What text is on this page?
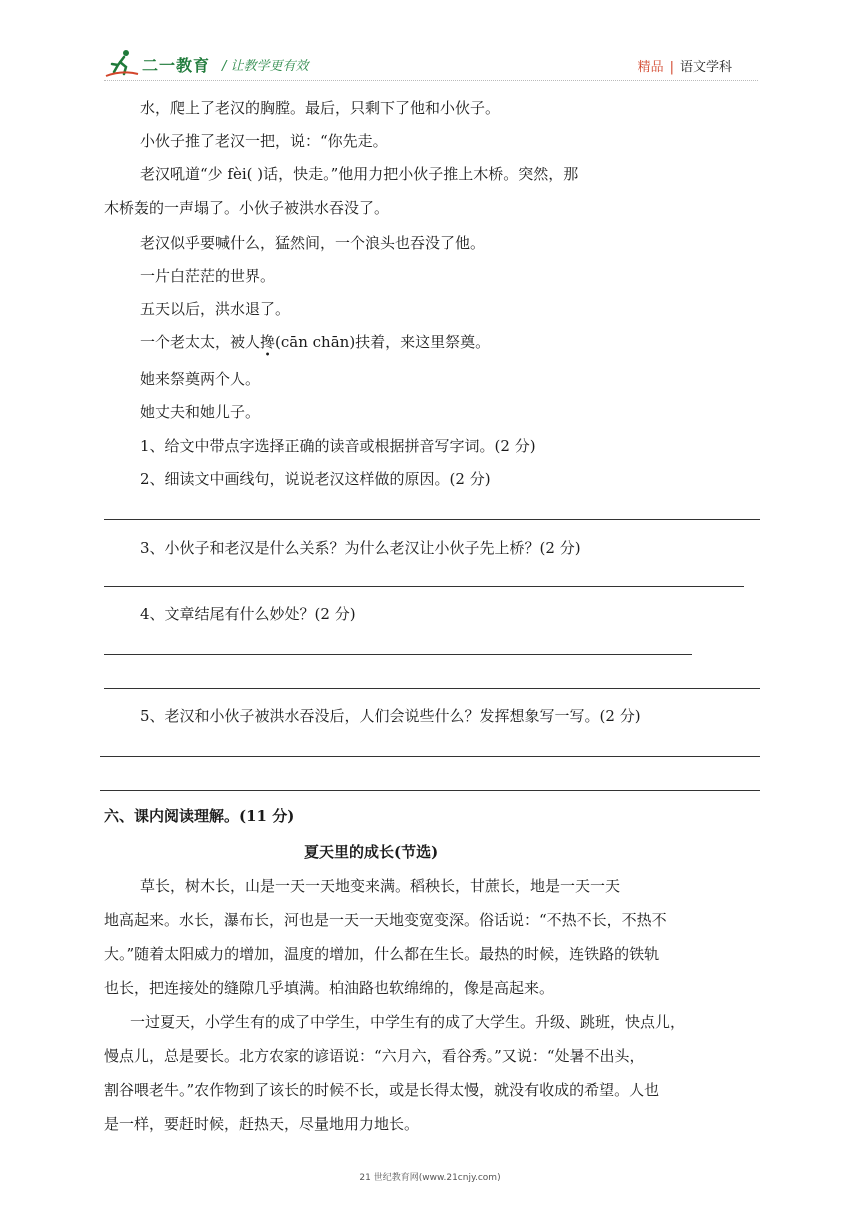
二一教育 / 让教学更有效	精品 | 语文学科
水，爬上了老汉的胸膛。最后，只剩下了他和小伙子。
小伙子推了老汉一把，说：“你先走。
老汉吼道“少 fèi( )话，快走。”他用力把小伙子推上木桥。突然，那
木桥轰的一声塌了。小伙子被洪水吞没了。
老汉似乎要喊什么，猛然间，一个浪头也吞没了他。
一片白茫茫的世界。
五天以后，洪水退了。
一个老太太，被人搀(cān chān)扶着，来这里祭奠。
她来祭奠两个人。
她丈夫和她儿子。
1、给文中带点字选择正确的读音或根据拼音写字词。(2 分)
2、细读文中画线句，说说老汉这样做的原因。(2 分)
3、小伙子和老汉是什么关系？为什么老汉让小伙子先上桥？(2 分)
4、文章结尾有什么妙处？(2 分)
5、老汉和小伙子被洪水吞没后，人们会说些什么？发挥想象写一写。(2 分)
六、课内阅读理解。(11 分)
夏天里的成长(节选)
草长，树木长，山是一天一天地变来满。稻秧长，甘蔗长，地是一天一天
地高起来。水长，瀑布长，河也是一天一天地变宽变深。俗话说：“不热不长，不热不
大。”随着太阳威力的增加，温度的增加，什么都在生长。最热的时候，连铁路的铁轨
也长，把连接处的缝隙几乎填满。柏油路也软绵绵的，像是高起来。
一过夏天，小学生有的成了中学生，中学生有的成了大学生。升级、跳班，快点儿，
慢点儿，总是要长。北方农家的谚语说：“六月六，看谷秀。”又说：“处暑不出头，
割谷喂老牛。”农作物到了该长的时候不长，或是长得太慢，就没有收成的希望。人也
是一样，要赶时候，赶热天，尽量地用力地长。
21 世纪教育网(www.21cnjy.com)
